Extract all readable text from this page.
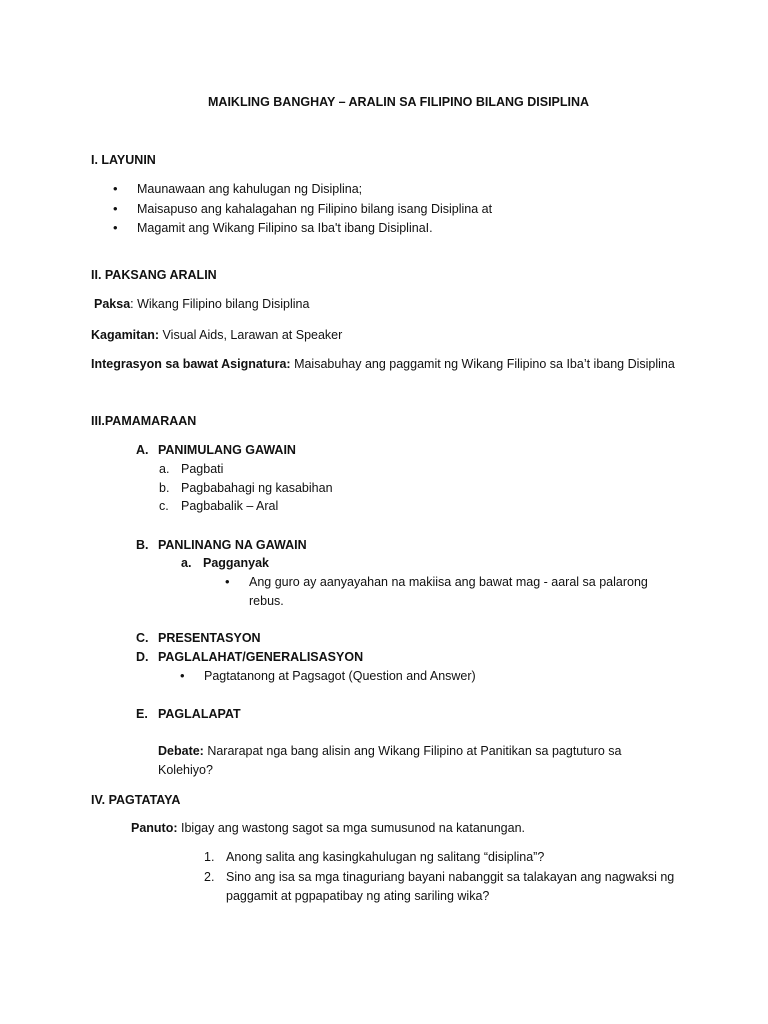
MAIKLING BANGHAY – ARALIN SA FILIPINO BILANG DISIPLINA
I. LAYUNIN
• Maunawaan ang kahulugan ng Disiplina;
• Maisapuso ang kahalagahan ng Filipino bilang isang Disiplina at
• Magamit ang Wikang Filipino sa Iba't ibang DisiplinaI.
II. PAKSANG ARALIN
Paksa: Wikang Filipino bilang Disiplina
Kagamitan: Visual Aids, Larawan at Speaker
Integrasyon sa bawat Asignatura: Maisabuhay ang paggamit ng Wikang Filipino sa Iba’t ibang Disiplina
III.PAMAMARAAN
A. PANIMULANG GAWAIN
a. Pagbati
b. Pagbabahagi ng kasabihan
c. Pagbabalik – Aral
B. PANLINANG NA GAWAIN
a. Pagganyak
• Ang guro ay aanyayahan na makiisa ang bawat mag - aaral sa palarong
rebus.
C. PRESENTASYON
D. PAGLALAHAT/GENERALISASYON
• Pagtatanong at Pagsagot (Question and Answer)
E. PAGLALAPAT
Debate: Nararapat nga bang alisin ang Wikang Filipino at Panitikan sa pagtuturo sa
Kolehiyo?
IV. PAGTATAYA
Panuto: Ibigay ang wastong sagot sa mga sumusunod na katanungan.
1. Anong salita ang kasingkahulugan ng salitang “disiplina”?
2. Sino ang isa sa mga tinaguriang bayani nabanggit sa talakayan ang nagwaksi ng
paggamit at pgpapatibay ng ating sariling wika?
